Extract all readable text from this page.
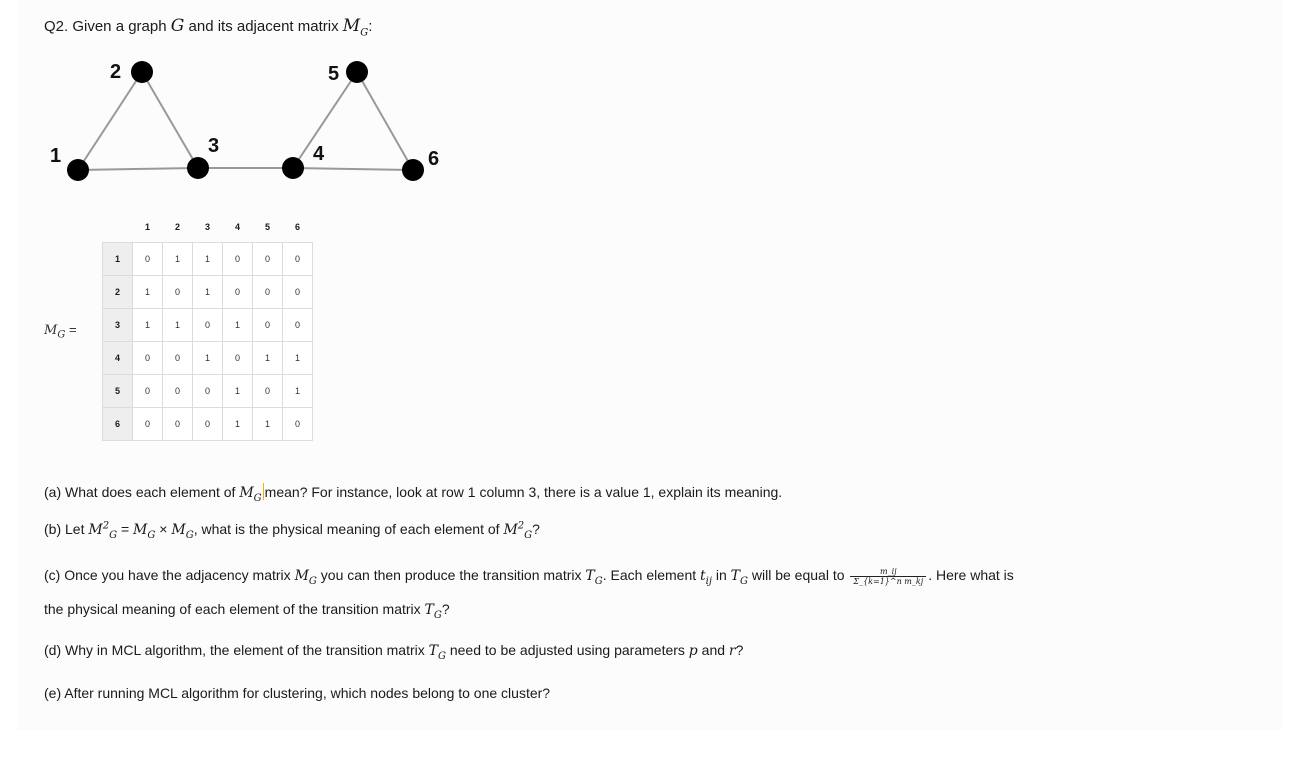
Q2. Given a graph G and its adjacent matrix $M_G$:
1
2
3	4
5
6
$M_G$ =
	1	2	3	4	5	6
1	0	1	1	0	0	0
2	1	0	1	0	0	0
3	1	1	0	1	0	0
4	0	0	1	0	1	1
5	0	0	0	1	0	1
6	0	0	0	1	1	0
(a) What does each element of $M_G$ mean? For instance, look at row 1 column 3, there is a value 1, explain its meaning.
(b) Let $M^2_G = M_G \times M_G$, what is the physical meaning of each element of $M^2_G$?
(c) Once you have the adjacency matrix $M_G$ you can then produce the transition matrix $T_G$. Each element $t_{ij}$ in $T_G$ will be equal to $\frac{m\_ij}{\text{Σ\_\{k=1\}\textasciicircum{}n m\_kj}}$ . Here what is
the physical meaning of each element of the transition matrix $T_G$?
(d) Why in MCL algorithm, the element of the transition matrix $T_G$ need to be adjusted using parameters p and r?
(e) After running MCL algorithm for clustering, which nodes belong to one cluster?
